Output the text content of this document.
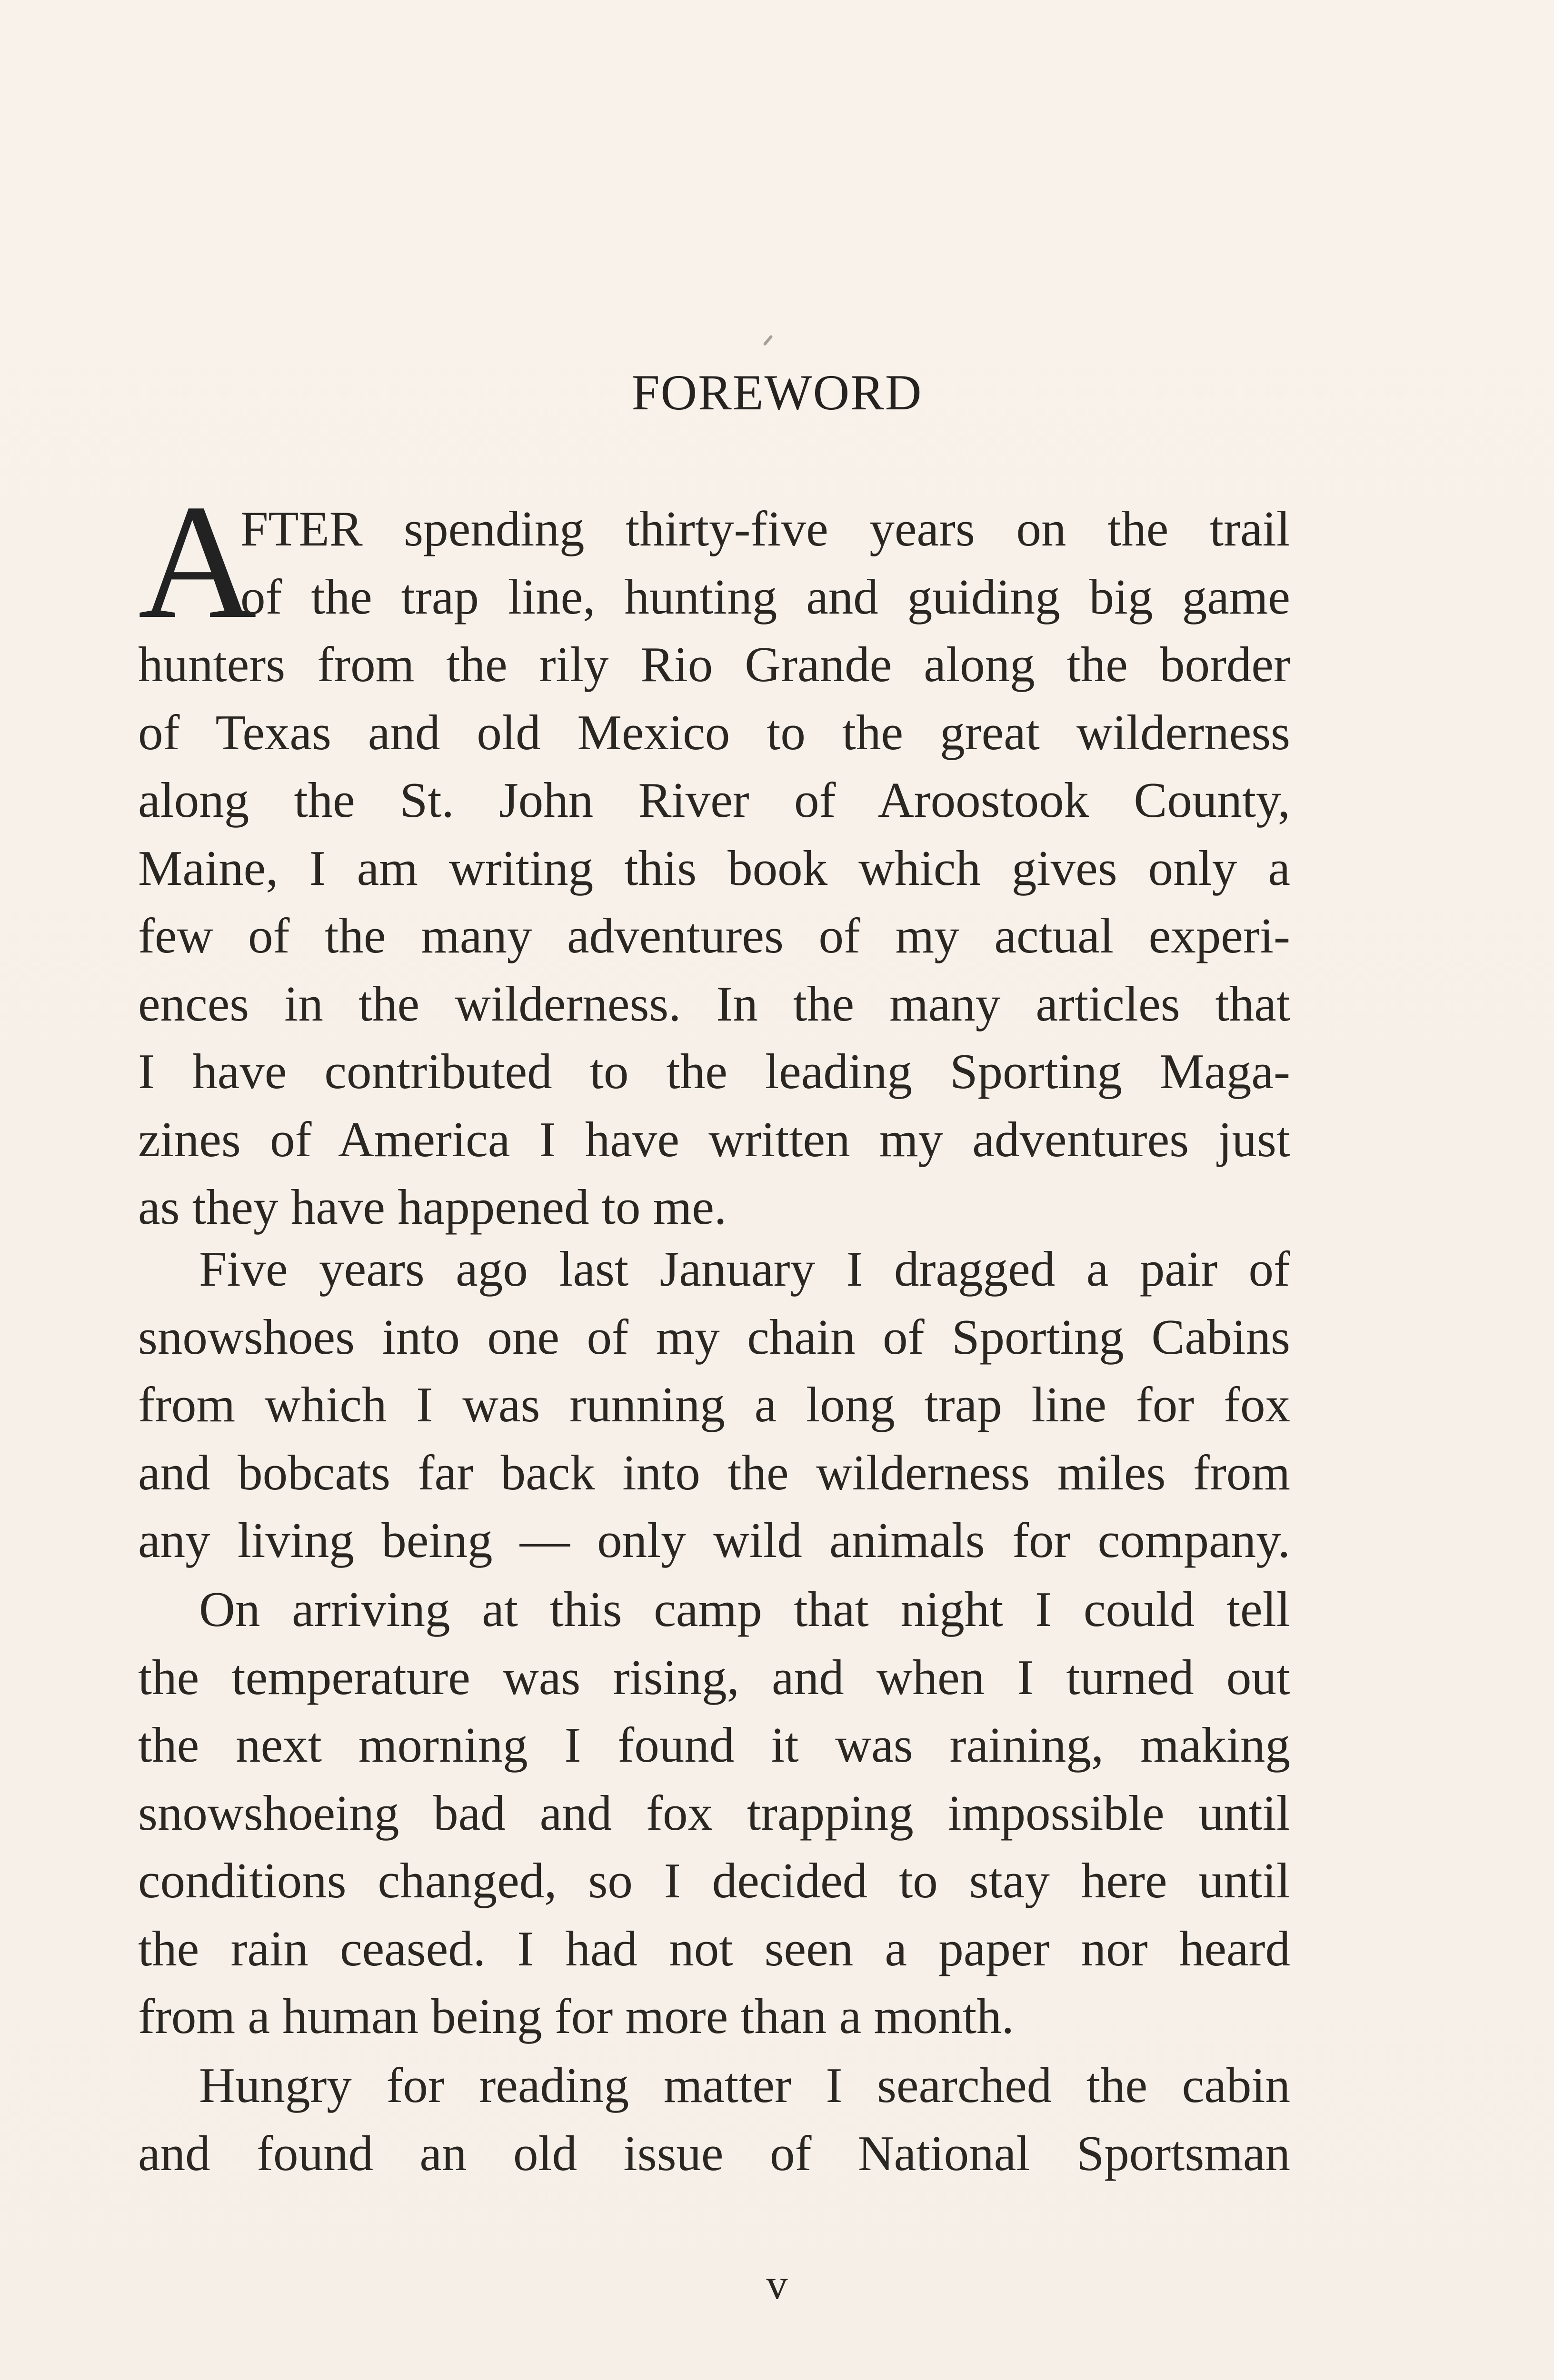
FOREWORD
A
FTER spending thirty-five years on the trail
of the trap line, hunting and guiding big game
hunters from the rily Rio Grande along the border
of Texas and old Mexico to the great wilderness
along the St. John River of Aroostook County,
Maine, I am writing this book which gives only a
few of the many adventures of my actual experi-
ences in the wilderness. In the many articles that
I have contributed to the leading Sporting Maga-
zines of America I have written my adventures just
as they have happened to me.
Five years ago last January I dragged a pair of
snowshoes into one of my chain of Sporting Cabins
from which I was running a long trap line for fox
and bobcats far back into the wilderness miles from
any living being — only wild animals for company.
On arriving at this camp that night I could tell
the temperature was rising, and when I turned out
the next morning I found it was raining, making
snowshoeing bad and fox trapping impossible until
conditions changed, so I decided to stay here until
the rain ceased. I had not seen a paper nor heard
from a human being for more than a month.
Hungry for reading matter I searched the cabin
and found an old issue of National Sportsman
v
